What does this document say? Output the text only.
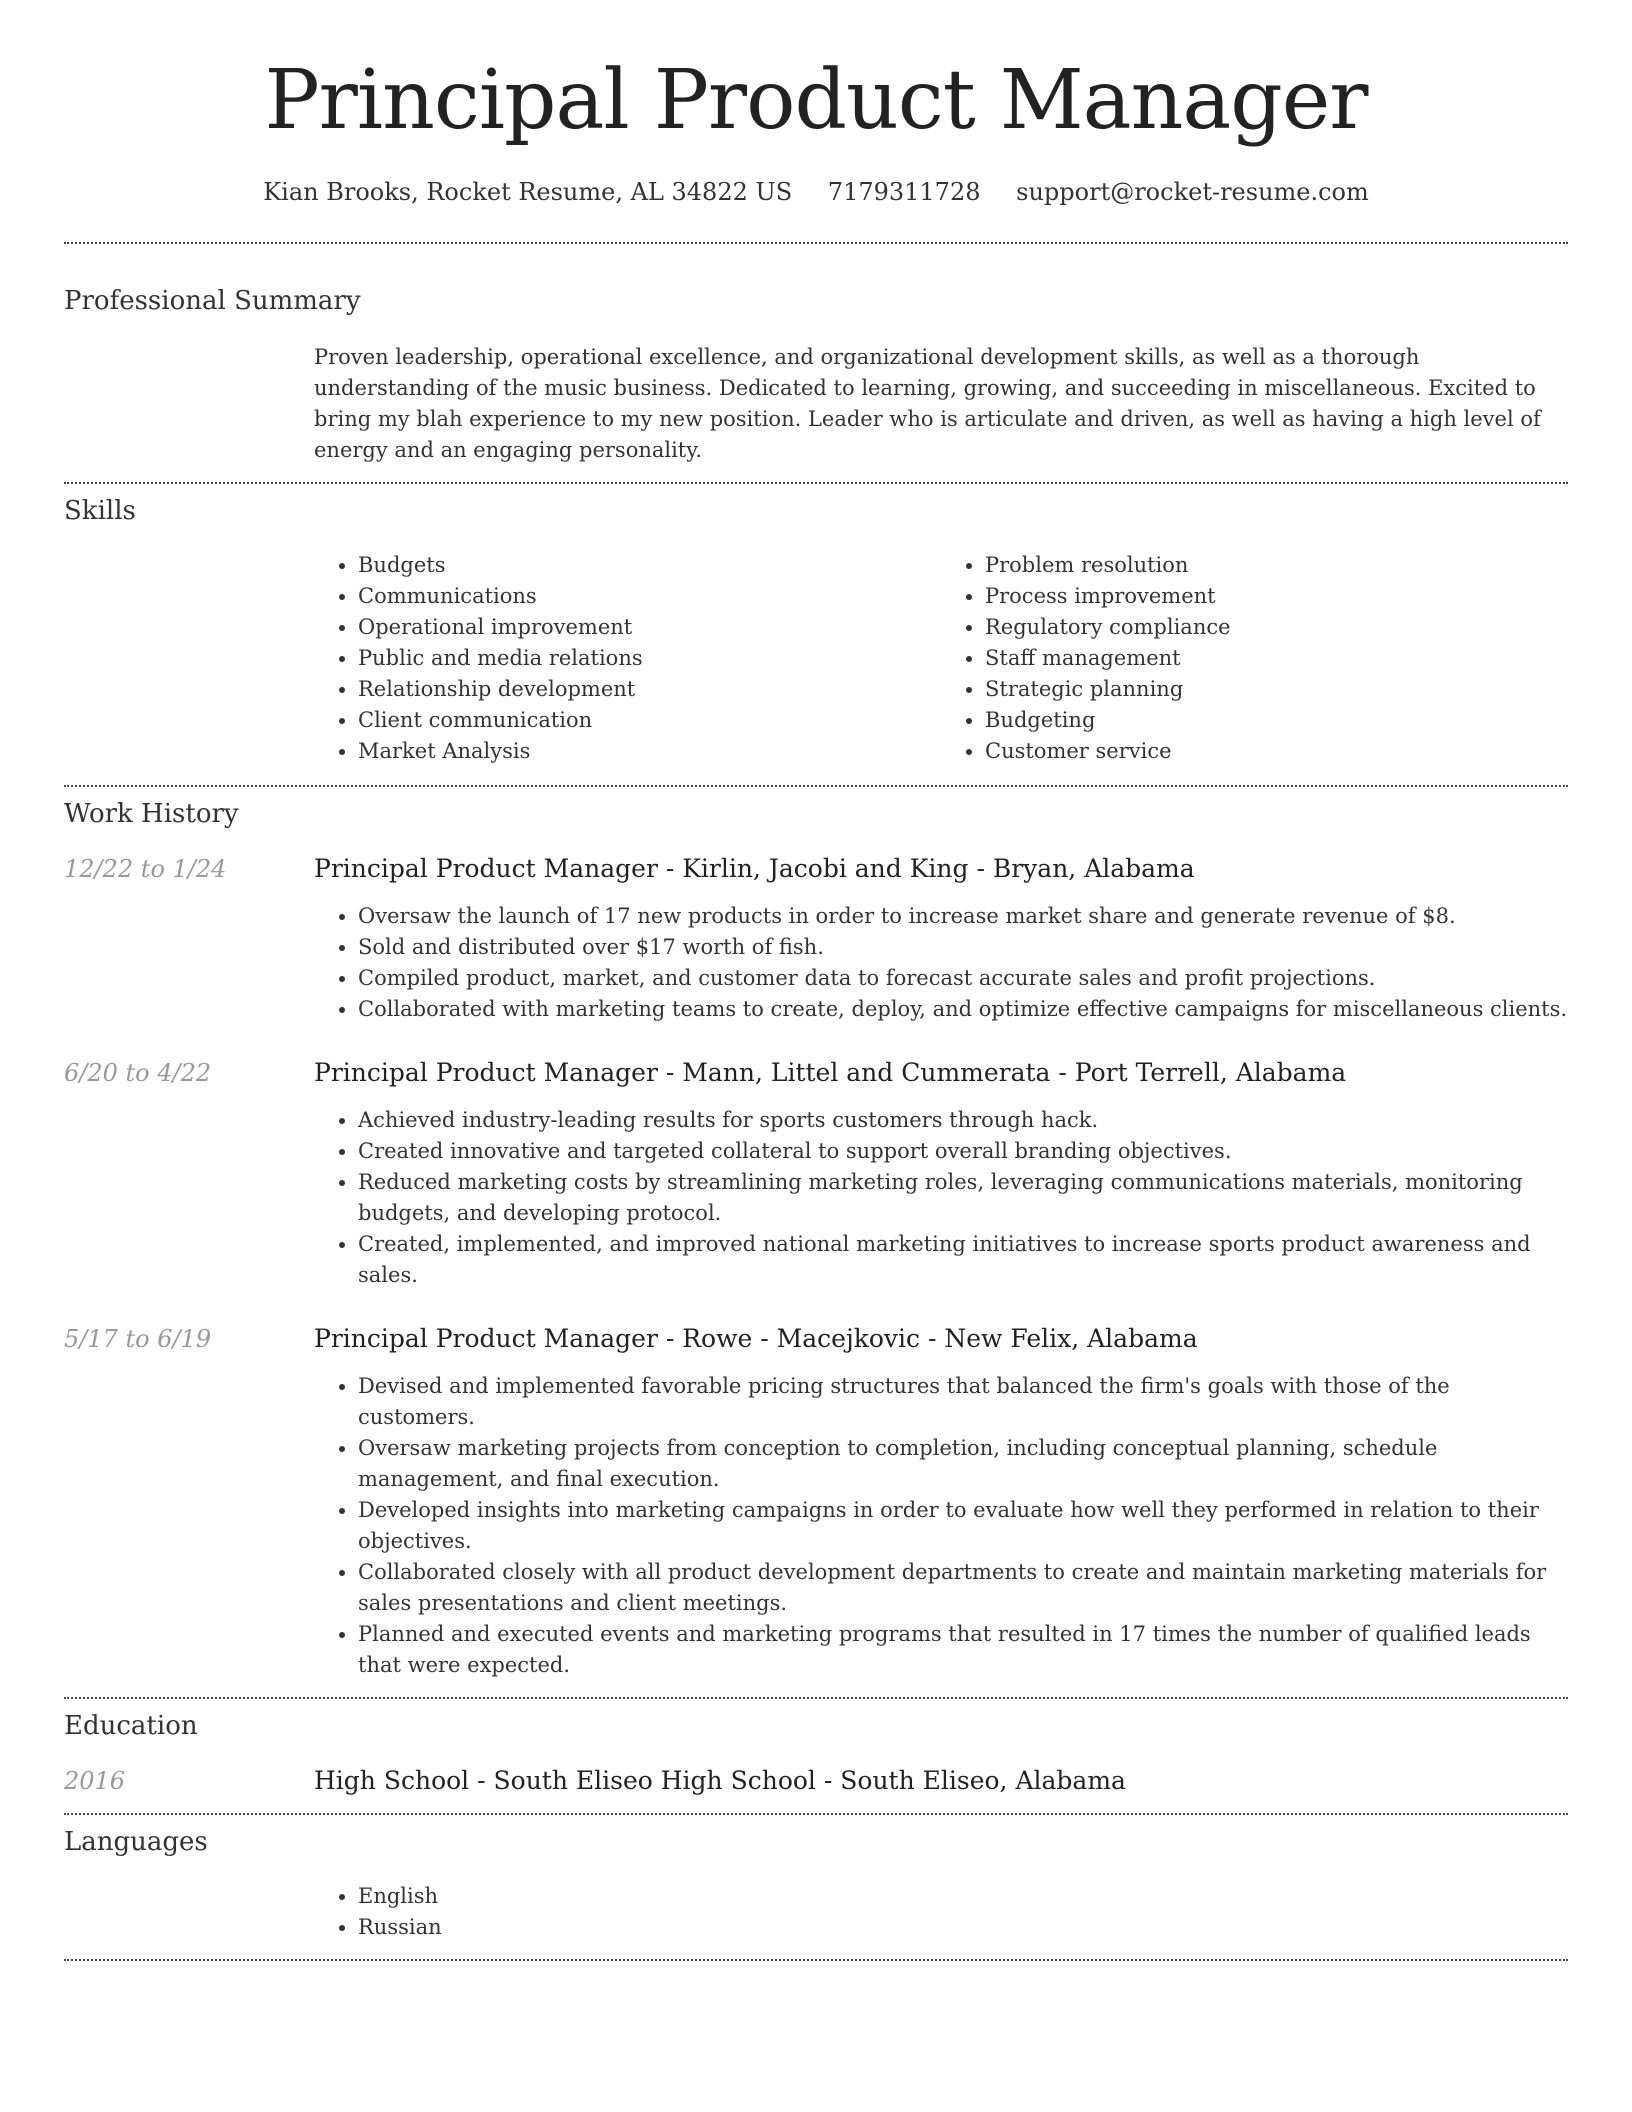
Principal Product Manager
Kian Brooks, Rocket Resume, AL 34822 US 7179311728 support@rocket-resume.com
Professional Summary

Proven leadership, operational excellence, and organizational development skills, as well as a thorough understanding of the music business. Dedicated to learning, growing, and succeeding in miscellaneous. Excited to bring my blah experience to my new position. Leader who is articulate and driven, as well as having a high level of energy and an engaging personality.

Skills
• Budgets
• Communications
• Operational improvement
• Public and media relations
• Relationship development
• Client communication
• Market Analysis
• Problem resolution
• Process improvement
• Regulatory compliance
• Staff management
• Strategic planning
• Budgeting
• Customer service
Work History
12/22 to 1/24	Principal Product Manager - Kirlin, Jacobi and King - Bryan, Alabama
• Oversaw the launch of 17 new products in order to increase market share and generate revenue of $8.
• Sold and distributed over $17 worth of fish.
• Compiled product, market, and customer data to forecast accurate sales and profit projections.
• Collaborated with marketing teams to create, deploy, and optimize effective campaigns for miscellaneous clients.
6/20 to 4/22	Principal Product Manager - Mann, Littel and Cummerata - Port Terrell, Alabama
• Achieved industry-leading results for sports customers through hack.
• Created innovative and targeted collateral to support overall branding objectives.
• Reduced marketing costs by streamlining marketing roles, leveraging communications materials, monitoring budgets, and developing protocol.
• Created, implemented, and improved national marketing initiatives to increase sports product awareness and sales.
5/17 to 6/19	Principal Product Manager - Rowe - Macejkovic - New Felix, Alabama
• Devised and implemented favorable pricing structures that balanced the firm's goals with those of the customers.
• Oversaw marketing projects from conception to completion, including conceptual planning, schedule management, and final execution.
• Developed insights into marketing campaigns in order to evaluate how well they performed in relation to their objectives.
• Collaborated closely with all product development departments to create and maintain marketing materials for sales presentations and client meetings.
• Planned and executed events and marketing programs that resulted in 17 times the number of qualified leads that were expected.
Education
2016	High School - South Eliseo High School - South Eliseo, Alabama
Languages
• English
• Russian
